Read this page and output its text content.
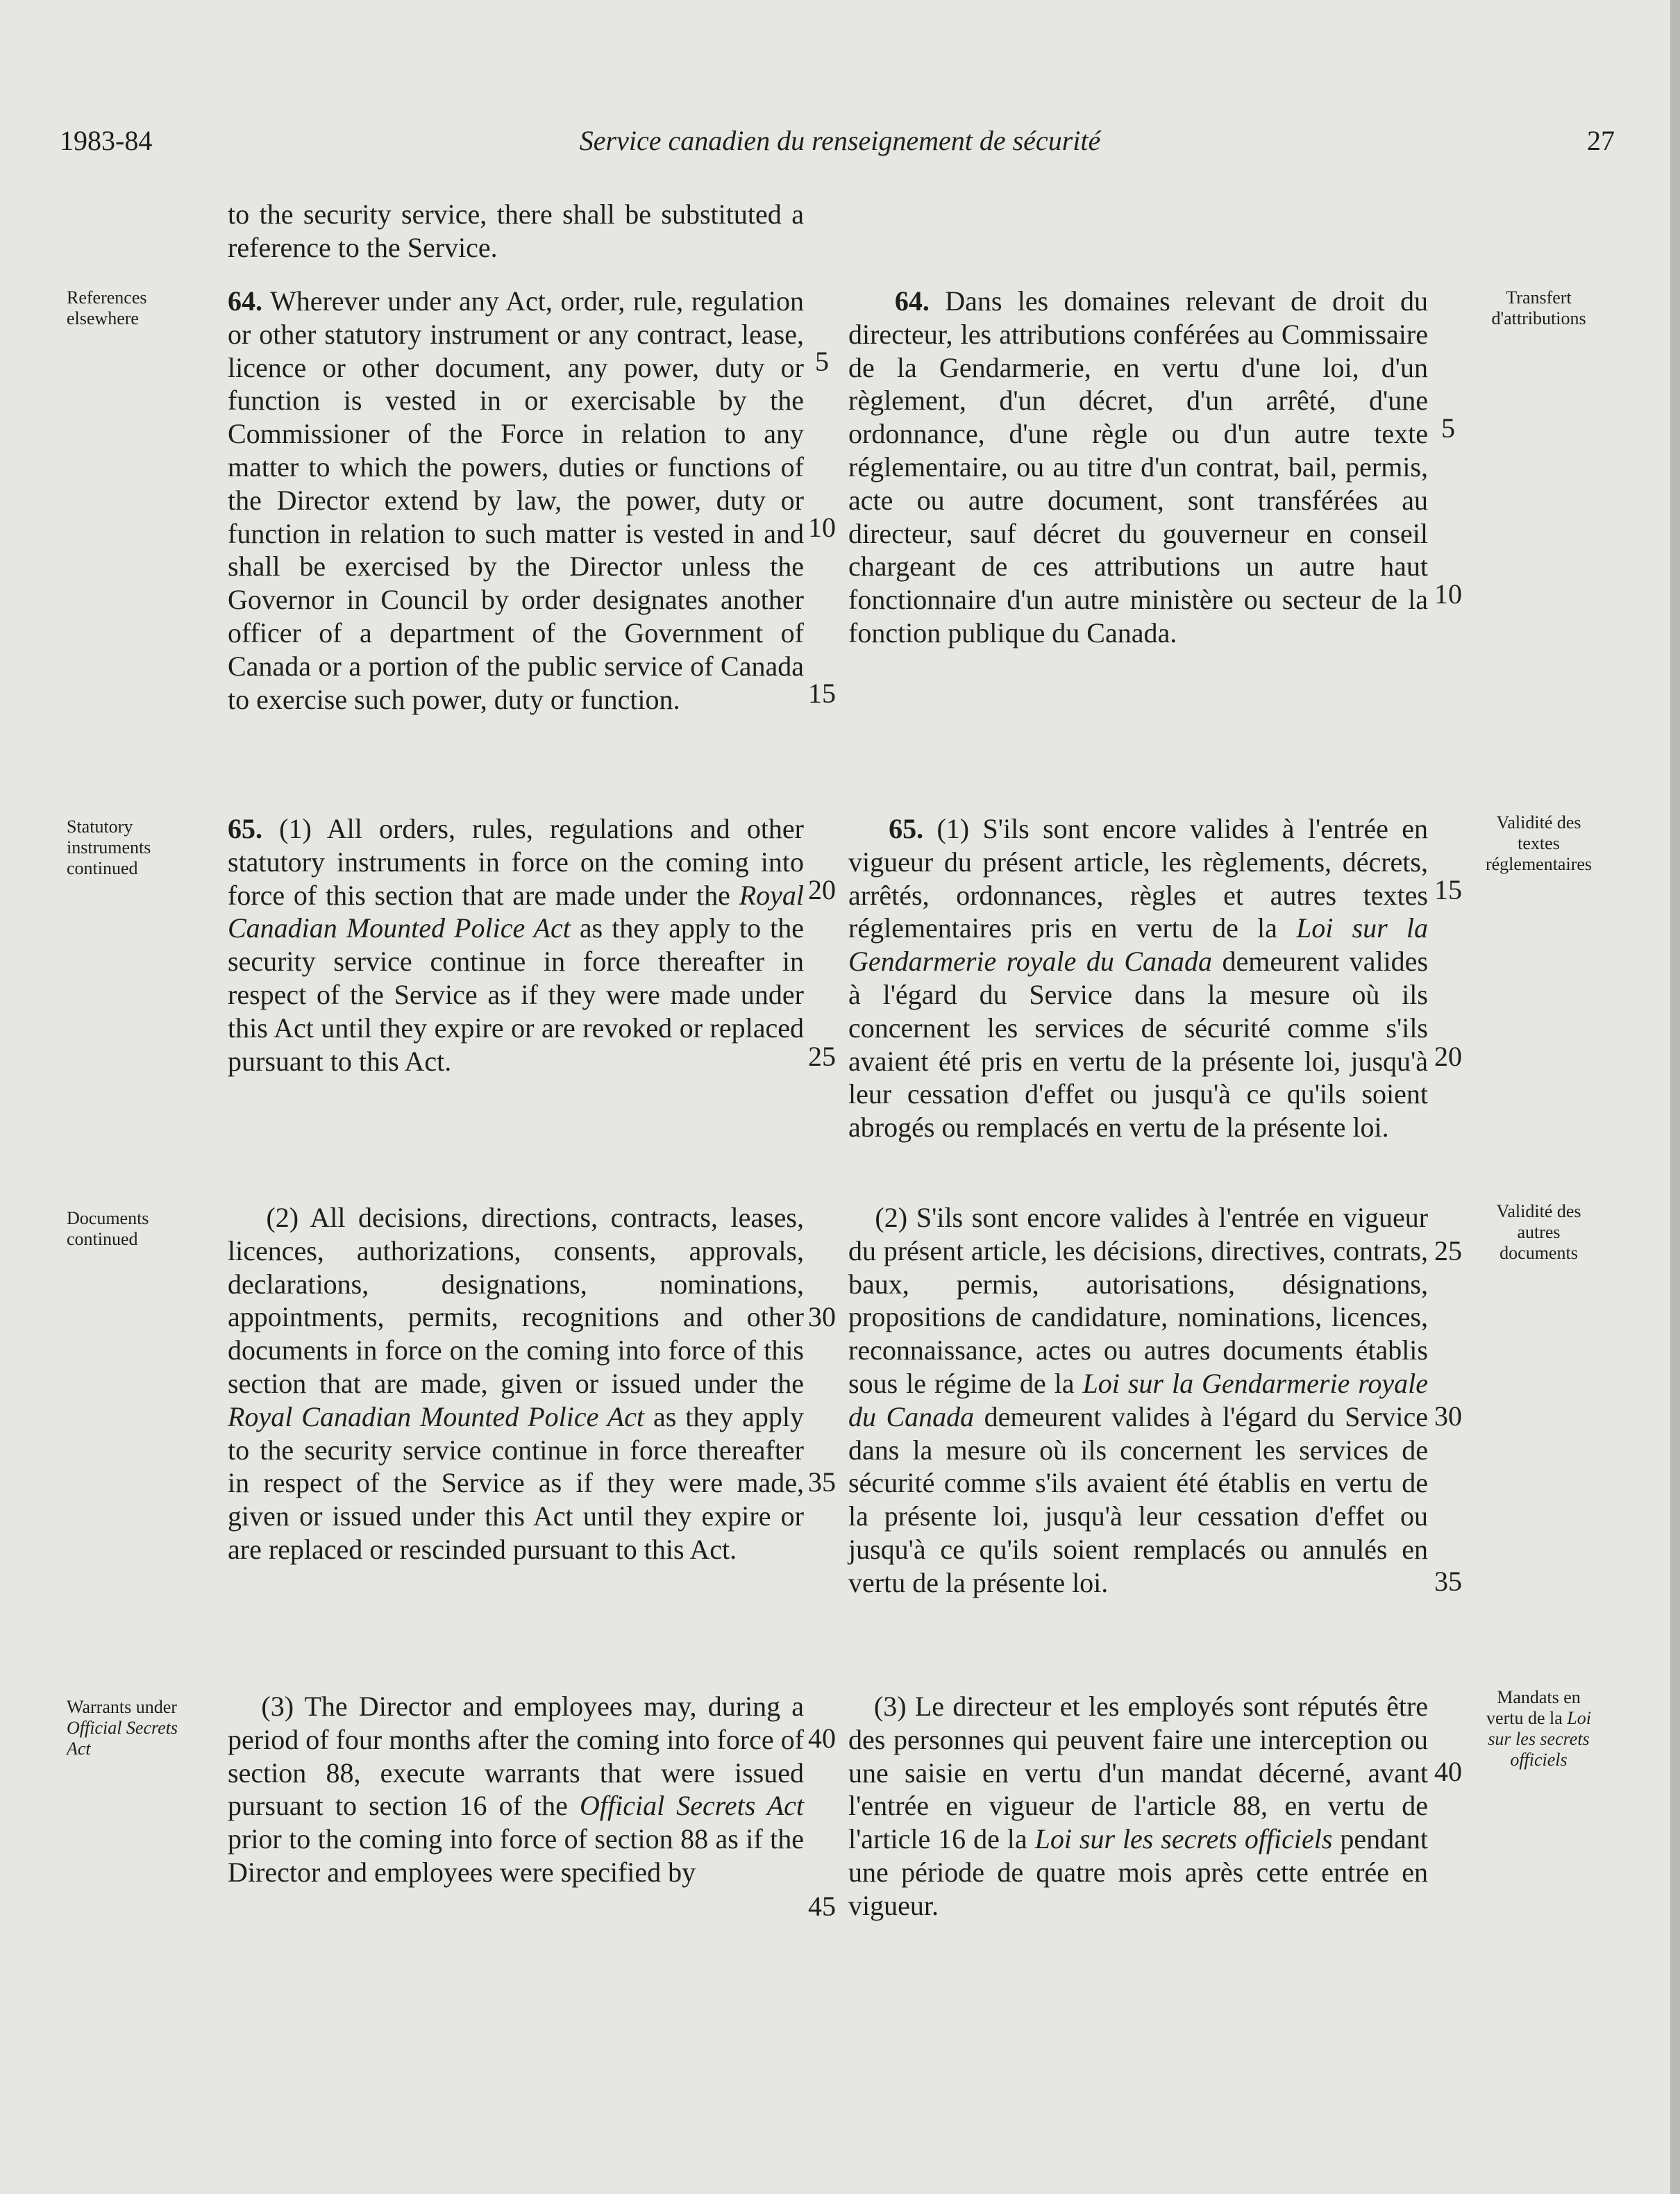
1983-84	Service canadien du renseignement de sécurité	27

to the security service, there shall be substituted a reference to the Service.

64. Wherever under any Act, order, rule, regulation or other statutory instrument or any contract, lease, licence or other document, any power, duty or function is vested in or exercisable by the Commissioner of the Force in relation to any matter to which the powers, duties or functions of the Director extend by law, the power, duty or function in relation to such matter is vested in and shall be exercised by the Director unless the Governor in Council by order designates another officer of a department of the Government of Canada or a portion of the public service of Canada to exercise such power, duty or function.

65. (1) All orders, rules, regulations and other statutory instruments in force on the coming into force of this section that are made under the Royal Canadian Mounted Police Act as they apply to the security service continue in force thereafter in respect of the Service as if they were made under this Act until they expire or are revoked or replaced pursuant to this Act.

(2) All decisions, directions, contracts, leases, licences, authorizations, consents, approvals, declarations, designations, nominations, appointments, permits, recognitions and other documents in force on the coming into force of this section that are made, given or issued under the Royal Canadian Mounted Police Act as they apply to the security service continue in force thereafter in respect of the Service as if they were made, given or issued under this Act until they expire or are replaced or rescinded pursuant to this Act.

(3) The Director and employees may, during a period of four months after the coming into force of section 88, execute warrants that were issued pursuant to section 16 of the Official Secrets Act prior to the coming into force of section 88 as if the Director and employees were specified by

64. Dans les domaines relevant de droit du directeur, les attributions conférées au Commissaire de la Gendarmerie, en vertu d'une loi, d'un règlement, d'un décret, d'un arrêté, d'une ordonnance, d'une règle ou d'un autre texte réglementaire, ou au titre d'un contrat, bail, permis, acte ou autre document, sont transférées au directeur, sauf décret du gouverneur en conseil chargeant de ces attributions un autre haut fonctionnaire d'un autre ministère ou secteur de la fonction publique du Canada.

65. (1) S'ils sont encore valides à l'entrée en vigueur du présent article, les règlements, décrets, arrêtés, ordonnances, règles et autres textes réglementaires pris en vertu de la Loi sur la Gendarmerie royale du Canada demeurent valides à l'égard du Service dans la mesure où ils concernent les services de sécurité comme s'ils avaient été pris en vertu de la présente loi, jusqu'à leur cessation d'effet ou jusqu'à ce qu'ils soient abrogés ou remplacés en vertu de la présente loi.

(2) S'ils sont encore valides à l'entrée en vigueur du présent article, les décisions, directives, contrats, baux, permis, autorisations, désignations, propositions de candidature, nominations, licences, reconnaissance, actes ou autres documents établis sous le régime de la Loi sur la Gendarmerie royale du Canada demeurent valides à l'égard du Service dans la mesure où ils concernent les services de sécurité comme s'ils avaient été établis en vertu de la présente loi, jusqu'à leur cessation d'effet ou jusqu'à ce qu'ils soient remplacés ou annulés en vertu de la présente loi.

(3) Le directeur et les employés sont réputés être des personnes qui peuvent faire une interception ou une saisie en vertu d'un mandat décerné, avant l'entrée en vigueur de l'article 88, en vertu de l'article 16 de la Loi sur les secrets officiels pendant une période de quatre mois après cette entrée en vigueur.

References
elsewhere
Statutory
instruments
continued
Documents
continued
Warrants under
Official Secrets
Act
Transfert
d'attributions
Validité des
textes
réglementaires
Validité des
autres
documents
Mandats en
vertu de la Loi
sur les secrets
officiels
5
10
15
20
25
30
35
40
45
5
10
15
20
25
30
35
40
